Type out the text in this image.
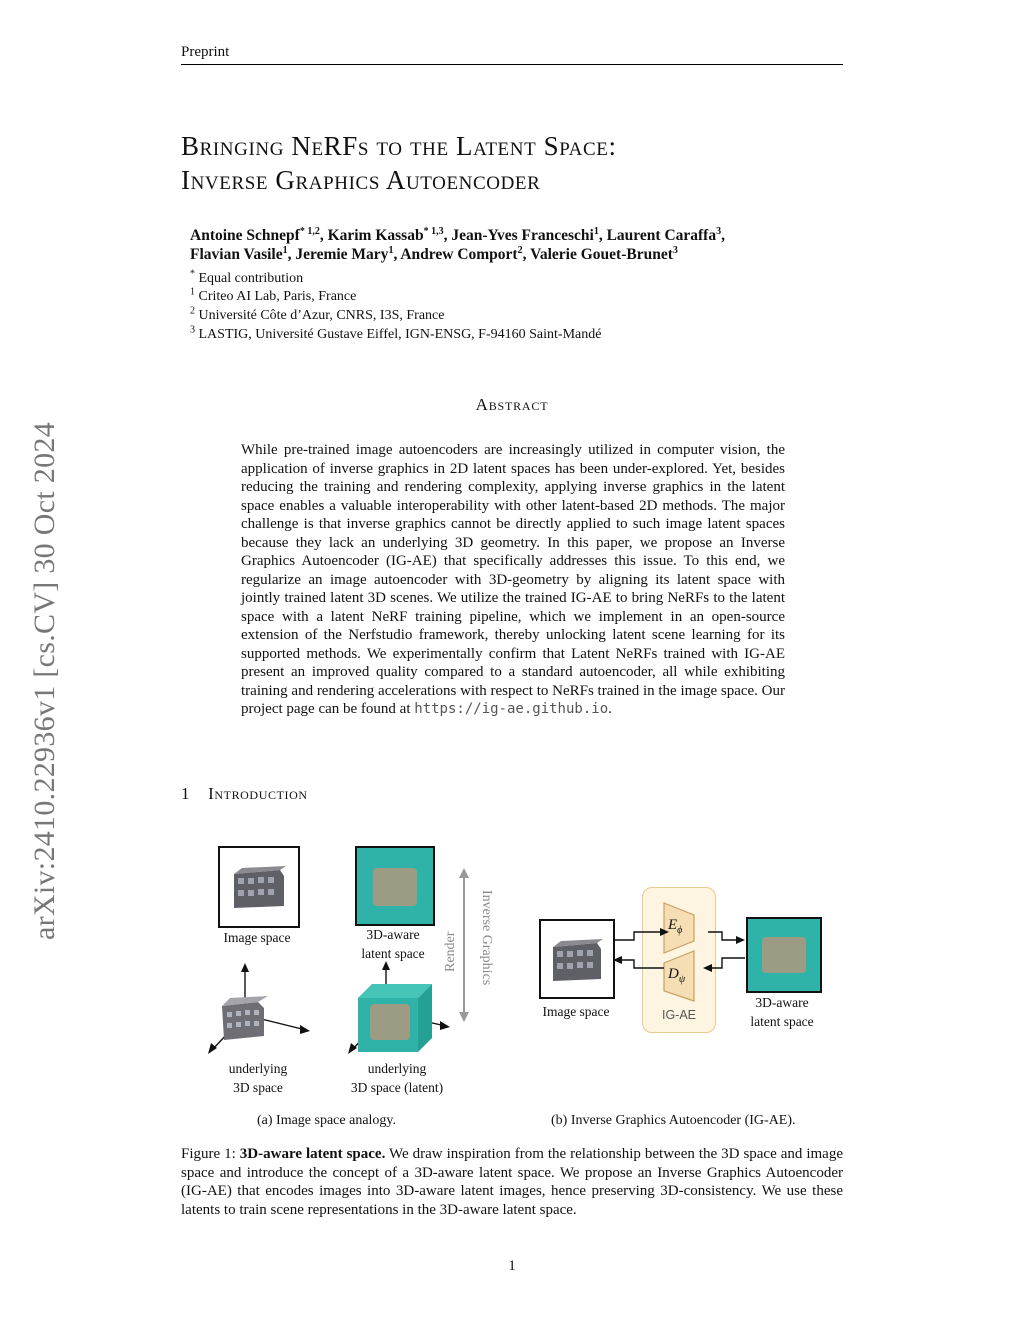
Preprint
arXiv:2410.22936v1 [cs.CV] 30 Oct 2024
Bringing NeRFs to the Latent Space:
Inverse Graphics Autoencoder
Antoine Schnepf$^{* 1,2}$, Karim Kassab$^{* 1,3}$, Jean-Yves Franceschi$^1$, Laurent Caraffa$^3$,
Flavian Vasile$^1$, Jeremie Mary$^1$, Andrew Comport$^2$, Valerie Gouet-Brunet$^3$
* Equal contribution
$^1$ Criteo AI Lab, Paris, France
$^2$ Université Côte d’Azur, CNRS, I3S, France
$^3$ LASTIG, Université Gustave Eiffel, IGN-ENSG, F-94160 Saint-Mandé
Abstract
While pre-trained image autoencoders are increasingly utilized in computer vision, the application of inverse graphics in 2D latent spaces has been under-explored. Yet, besides reducing the training and rendering complexity, applying inverse graphics in the latent space enables a valuable interoperability with other latent-based 2D methods. The major challenge is that inverse graphics cannot be directly applied to such image latent spaces because they lack an underlying 3D geometry. In this paper, we propose an Inverse Graphics Autoencoder (IG-AE) that specifically addresses this issue. To this end, we regularize an image autoencoder with 3D-geometry by aligning its latent space with jointly trained latent 3D scenes. We utilize the trained IG-AE to bring NeRFs to the latent space with a latent NeRF training pipeline, which we implement in an open-source extension of the Nerfstudio framework, thereby unlocking latent scene learning for its supported methods. We experimentally confirm that Latent NeRFs trained with IG-AE present an improved quality compared to a standard autoencoder, all while exhibiting training and rendering accelerations with respect to NeRFs trained in the image space. Our project page can be found at https://ig-ae.github.io.
1 Introduction
Image space	3D-aware
latent space	Render Inverse Graphics
underlying
3D space
underlying
3D space (latent)
(a) Image space analogy.
Image space
$E_\phi$
$D_\psi$
IG-AE
3D-aware
latent space
(b) Inverse Graphics Autoencoder (IG-AE).
Figure 1: 3D-aware latent space. We draw inspiration from the relationship between the 3D space and image space and introduce the concept of a 3D-aware latent space. We propose an Inverse Graphics Autoencoder (IG-AE) that encodes images into 3D-aware latent images, hence preserving 3D-consistency. We use these latents to train scene representations in the 3D-aware latent space.
1
